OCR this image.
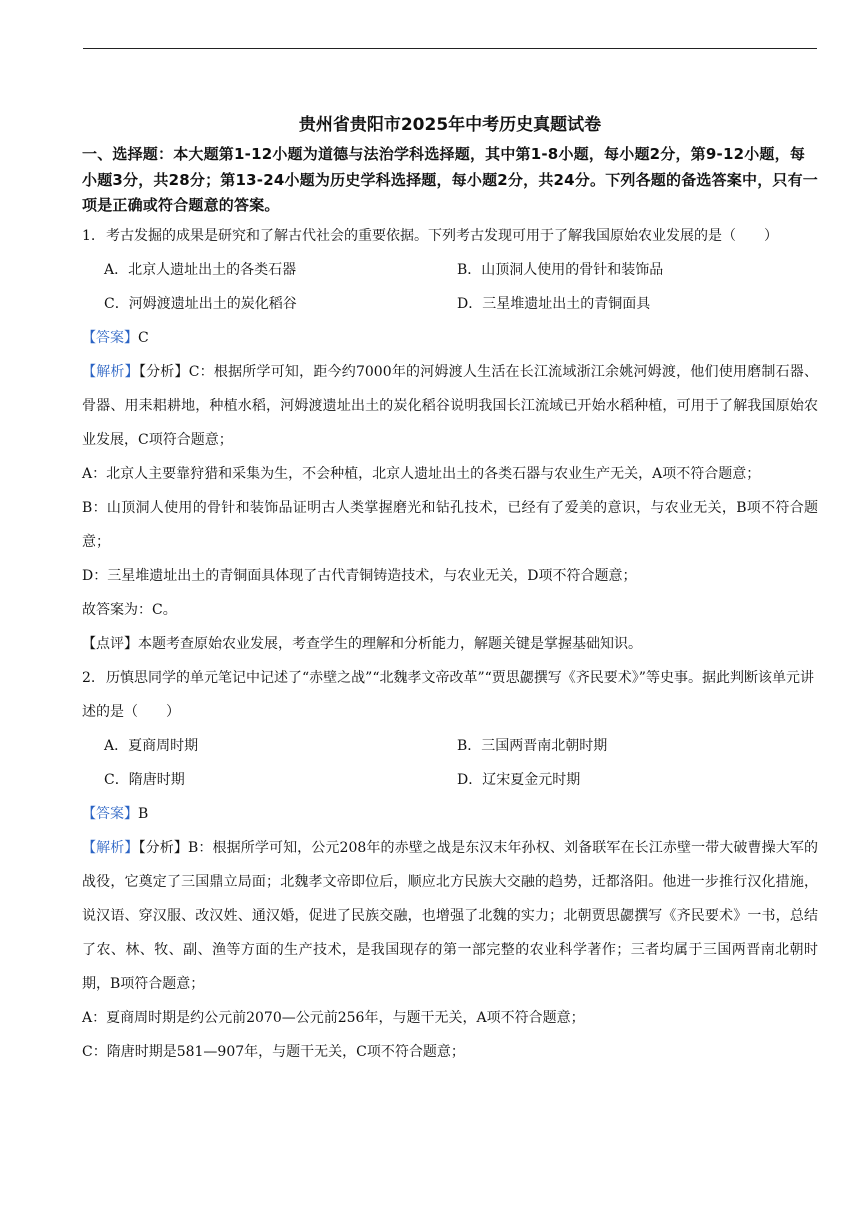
贵州省贵阳市2025年中考历史真题试卷

一、选择题：本大题第1-12小题为道德与法治学科选择题，其中第1-8小题，每小题2分，第9-12小题，每小题3分，共28分；第13-24小题为历史学科选择题，每小题2分，共24分。下列各题的备选答案中，只有一项是正确或符合题意的答案。

1. 考古发掘的成果是研究和了解古代社会的重要依据。下列考古发现可用于了解我国原始农业发展的是（　　）

A．北京人遗址出土的各类石器	B．山顶洞人使用的骨针和装饰品
C．河姆渡遗址出土的炭化稻谷	D．三星堆遗址出土的青铜面具

【答案】C

【解析】【分析】C：根据所学可知，距今约7000年的河姆渡人生活在长江流域浙江余姚河姆渡，他们使用磨制石器、骨器、用耒耜耕地，种植水稻，河姆渡遗址出土的炭化稻谷说明我国长江流域已开始水稻种植，可用于了解我国原始农业发展，C项符合题意；

A：北京人主要靠狩猎和采集为生，不会种植，北京人遗址出土的各类石器与农业生产无关，A项不符合题意；

B：山顶洞人使用的骨针和装饰品证明古人类掌握磨光和钻孔技术，已经有了爱美的意识，与农业无关，B项不符合题意；

D：三星堆遗址出土的青铜面具体现了古代青铜铸造技术，与农业无关，D项不符合题意；

故答案为：C。

【点评】本题考查原始农业发展，考查学生的理解和分析能力，解题关键是掌握基础知识。

2. 历慎思同学的单元笔记中记述了“赤壁之战”“北魏孝文帝改革”“贾思勰撰写《齐民要术》”等史事。据此判断该单元讲述的是（　　）

A．夏商周时期	B．三国两晋南北朝时期
C．隋唐时期	D．辽宋夏金元时期

【答案】B

【解析】【分析】B：根据所学可知，公元208年的赤壁之战是东汉末年孙权、刘备联军在长江赤壁一带大破曹操大军的战役，它奠定了三国鼎立局面；北魏孝文帝即位后，顺应北方民族大交融的趋势，迁都洛阳。他进一步推行汉化措施，说汉语、穿汉服、改汉姓、通汉婚，促进了民族交融，也增强了北魏的实力；北朝贾思勰撰写《齐民要术》一书，总结了农、林、牧、副、渔等方面的生产技术，是我国现存的第一部完整的农业科学著作；三者均属于三国两晋南北朝时期，B项符合题意；

A：夏商周时期是约公元前2070—公元前256年，与题干无关，A项不符合题意；

C：隋唐时期是581—907年，与题干无关，C项不符合题意；
